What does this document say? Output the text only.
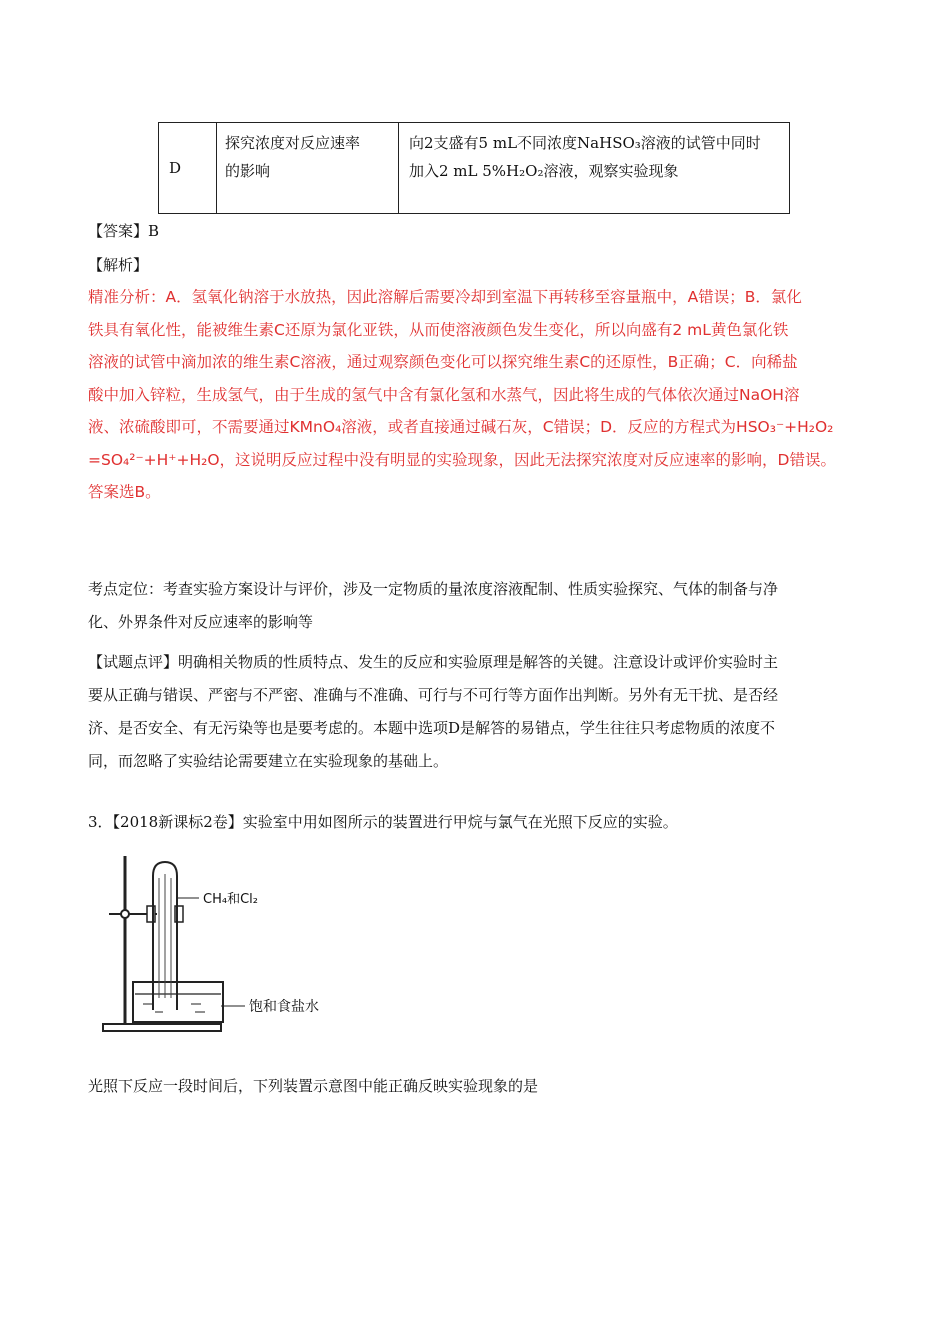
D
探究浓度对反应速率
的影响
向2支盛有5 mL不同浓度NaHSO₃溶液的试管中同时
加入2 mL 5%H₂O₂溶液，观察实验现象
【答案】B
【解析】
精准分析：A．氢氧化钠溶于水放热，因此溶解后需要冷却到室温下再转移至容量瓶中，A错误；B．氯化
铁具有氧化性，能被维生素C还原为氯化亚铁，从而使溶液颜色发生变化，所以向盛有2 mL黄色氯化铁
溶液的试管中滴加浓的维生素C溶液，通过观察颜色变化可以探究维生素C的还原性，B正确；C．向稀盐
酸中加入锌粒，生成氢气，由于生成的氢气中含有氯化氢和水蒸气，因此将生成的气体依次通过NaOH溶
液、浓硫酸即可，不需要通过KMnO₄溶液，或者直接通过碱石灰，C错误；D．反应的方程式为HSO₃⁻+H₂O₂
=SO₄²⁻+H⁺+H₂O，这说明反应过程中没有明显的实验现象，因此无法探究浓度对反应速率的影响，D错误。
答案选B。
考点定位：考查实验方案设计与评价，涉及一定物质的量浓度溶液配制、性质实验探究、气体的制备与净
化、外界条件对反应速率的影响等
【试题点评】明确相关物质的性质特点、发生的反应和实验原理是解答的关键。注意设计或评价实验时主
要从正确与错误、严密与不严密、准确与不准确、可行与不可行等方面作出判断。另外有无干扰、是否经
济、是否安全、有无污染等也是要考虑的。本题中选项D是解答的易错点，学生往往只考虑物质的浓度不
同，而忽略了实验结论需要建立在实验现象的基础上。
3．【2018新课标2卷】实验室中用如图所示的装置进行甲烷与氯气在光照下反应的实验。
CH₄和Cl₂
饱和食盐水
光照下反应一段时间后，下列装置示意图中能正确反映实验现象的是
